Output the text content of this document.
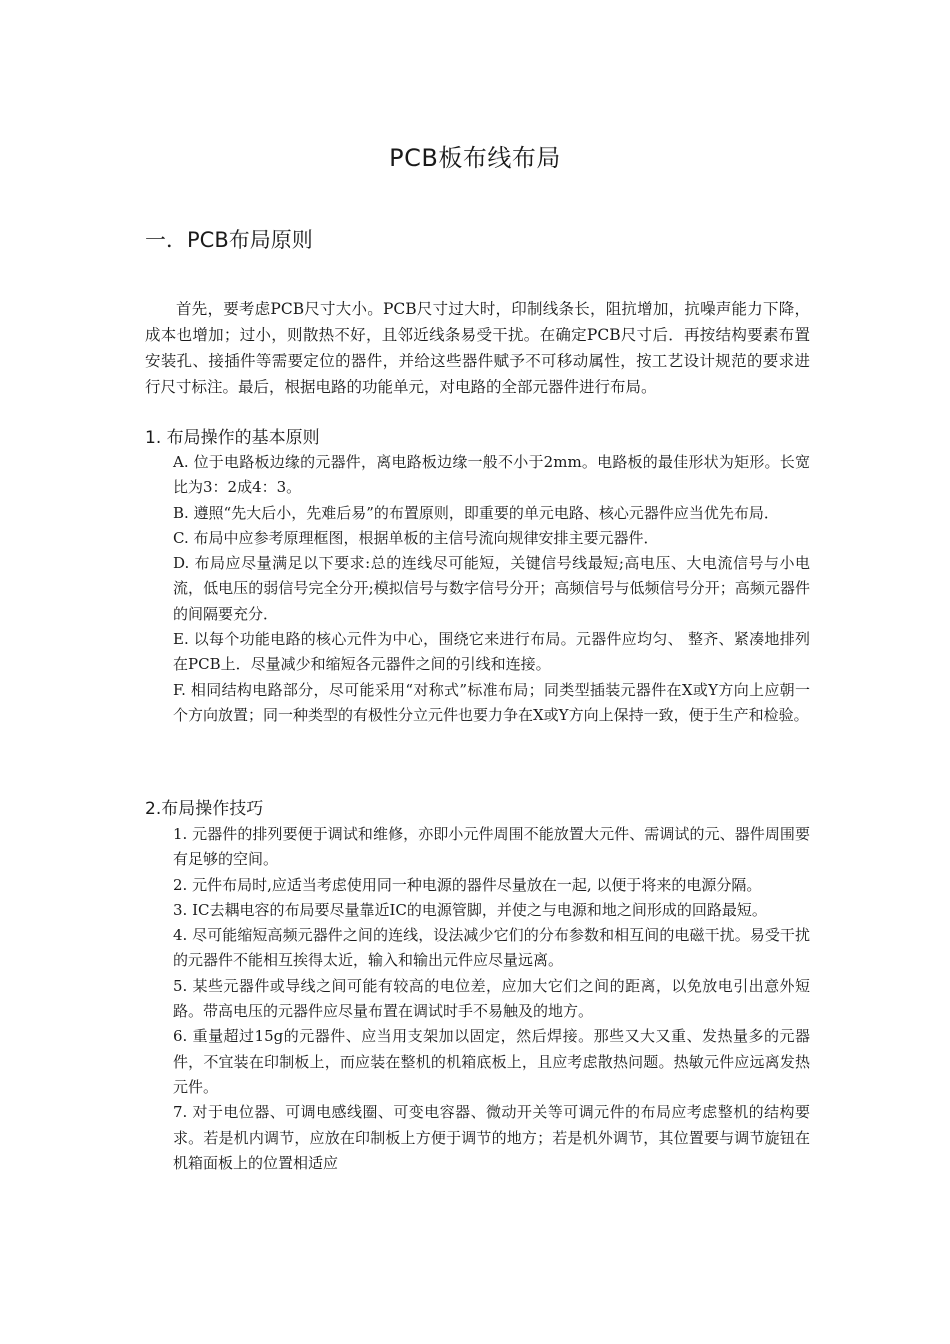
PCB板布线布局
一．PCB布局原则
首先，要考虑PCB尺寸大小。PCB尺寸过大时，印制线条长，阻抗增加，抗噪声能力下降，成本也增加；过小，则散热不好，且邻近线条易受干扰。在确定PCB尺寸后．再按结构要素布置安装孔、接插件等需要定位的器件，并给这些器件赋予不可移动属性，按工艺设计规范的要求进行尺寸标注。最后，根据电路的功能单元，对电路的全部元器件进行布局。
1. 布局操作的基本原则

A. 位于电路板边缘的元器件，离电路板边缘一般不小于2mm。电路板的最佳形状为矩形。长宽比为3：2成4：3。

B. 遵照“先大后小，先难后易”的布置原则，即重要的单元电路、核心元器件应当优先布局．

C. 布局中应参考原理框图，根据单板的主信号流向规律安排主要元器件．

D. 布局应尽量满足以下要求:总的连线尽可能短，关键信号线最短;高电压、大电流信号与小电流，低电压的弱信号完全分开;模拟信号与数字信号分开；高频信号与低频信号分开；高频元器件的间隔要充分．

E. 以每个功能电路的核心元件为中心，围绕它来进行布局。元器件应均匀、 整齐、紧凑地排列在PCB上．尽量减少和缩短各元器件之间的引线和连接。

F. 相同结构电路部分，尽可能采用“对称式”标准布局；同类型插装元器件在X或Y方向上应朝一个方向放置；同一种类型的有极性分立元件也要力争在X或Y方向上保持一致，便于生产和检验。

2.布局操作技巧

1. 元器件的排列要便于调试和维修，亦即小元件周围不能放置大元件、需调试的元、器件周围要有足够的空间。

2. 元件布局时,应适当考虑使用同一种电源的器件尽量放在一起, 以便于将来的电源分隔。

3. IC去耦电容的布局要尽量靠近IC的电源管脚，并使之与电源和地之间形成的回路最短。

4. 尽可能缩短高频元器件之间的连线，设法减少它们的分布参数和相互间的电磁干扰。易受干扰的元器件不能相互挨得太近，输入和输出元件应尽量远离。

5. 某些元器件或导线之间可能有较高的电位差，应加大它们之间的距离，以免放电引出意外短路。带高电压的元器件应尽量布置在调试时手不易触及的地方。

6. 重量超过15g的元器件、应当用支架加以固定，然后焊接。那些又大又重、发热量多的元器件，不宜装在印制板上，而应装在整机的机箱底板上，且应考虑散热问题。热敏元件应远离发热元件。

7. 对于电位器、可调电感线圈、可变电容器、微动开关等可调元件的布局应考虑整机的结构要求。若是机内调节，应放在印制板上方便于调节的地方；若是机外调节，其位置要与调节旋钮在机箱面板上的位置相适应
